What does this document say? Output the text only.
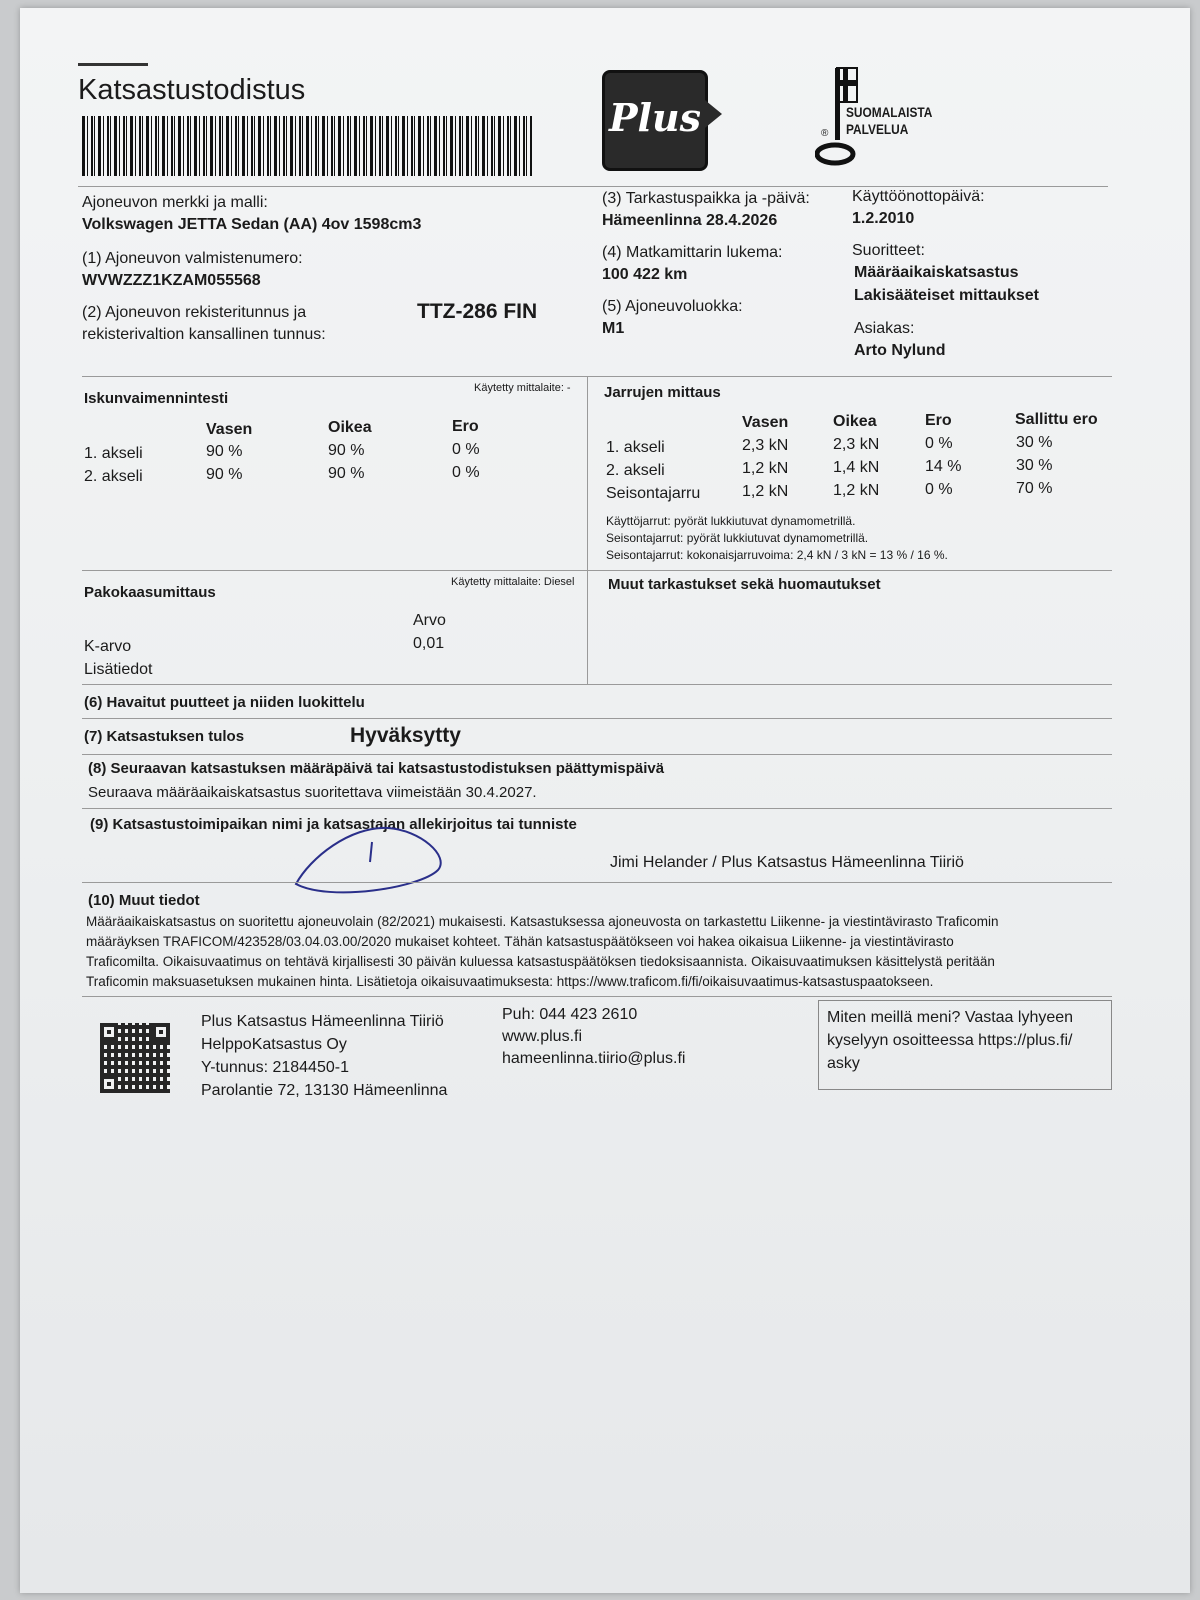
Katsastustodistus
Plus	SUOMALAISTA
PALVELUA
®
Ajoneuvon merkki ja malli:
Volkswagen JETTA Sedan (AA) 4ov 1598cm3
(1) Ajoneuvon valmistenumero:
WVWZZZ1KZAM055568
(2) Ajoneuvon rekisteritunnus ja
rekisterivaltion kansallinen tunnus:
TTZ-286 FIN
(3) Tarkastuspaikka ja -päivä:
Hämeenlinna 28.4.2026
(4) Matkamittarin lukema:
100 422 km
(5) Ajoneuvoluokka:
M1
Käyttöönottopäivä:
1.2.2010
Suoritteet:
Määräaikaiskatsastus
Lakisääteiset mittaukset
Asiakas:
Arto Nylund
Iskunvaimennintesti
Käytetty mittalaite: -
Vasen	Oikea	Ero
1. akseli	90 %	90 %	0 %
2. akseli	90 %	90 %	0 %
Jarrujen mittaus
Vasen	Oikea	Ero	Sallittu ero
1. akseli	2,3 kN	2,3 kN	0 %	30 %
2. akseli	1,2 kN	1,4 kN	14 %	30 %
Seisontajarru	1,2 kN	1,2 kN	0 %	70 %
Käyttöjarrut: pyörät lukkiutuvat dynamometrillä.
Seisontajarrut: pyörät lukkiutuvat dynamometrillä.
Seisontajarrut: kokonaisjarruvoima: 2,4 kN / 3 kN = 13 % / 16 %.
Pakokaasumittaus
Käytetty mittalaite: Diesel
Arvo
K-arvo	0,01
Lisätiedot
Muut tarkastukset sekä huomautukset
(6) Havaitut puutteet ja niiden luokittelu
(7) Katsastuksen tulos	Hyväksytty
(8) Seuraavan katsastuksen määräpäivä tai katsastustodistuksen päättymispäivä
Seuraava määräaikaiskatsastus suoritettava viimeistään 30.4.2027.
(9) Katsastustoimipaikan nimi ja katsastajan allekirjoitus tai tunniste
Jimi Helander / Plus Katsastus Hämeenlinna Tiiriö
(10) Muut tiedot
Määräaikaiskatsastus on suoritettu ajoneuvolain (82/2021) mukaisesti. Katsastuksessa ajoneuvosta on tarkastettu Liikenne- ja viestintävirasto Traficomin
määräyksen TRAFICOM/423528/03.04.03.00/2020 mukaiset kohteet. Tähän katsastuspäätökseen voi hakea oikaisua Liikenne- ja viestintävirasto
Traficomilta. Oikaisuvaatimus on tehtävä kirjallisesti 30 päivän kuluessa katsastuspäätöksen tiedoksisaannista. Oikaisuvaatimuksen käsittelystä peritään
Traficomin maksuasetuksen mukainen hinta. Lisätietoja oikaisuvaatimuksesta: https://www.traficom.fi/fi/oikaisuvaatimus-katsastuspaatokseen.
Plus Katsastus Hämeenlinna Tiiriö
HelppoKatsastus Oy
Y-tunnus: 2184450-1
Parolantie 72, 13130 Hämeenlinna
Puh: 044 423 2610
www.plus.fi
hameenlinna.tiirio@plus.fi
Miten meillä meni? Vastaa lyhyeen
kyselyyn osoitteessa https://plus.fi/
asky
